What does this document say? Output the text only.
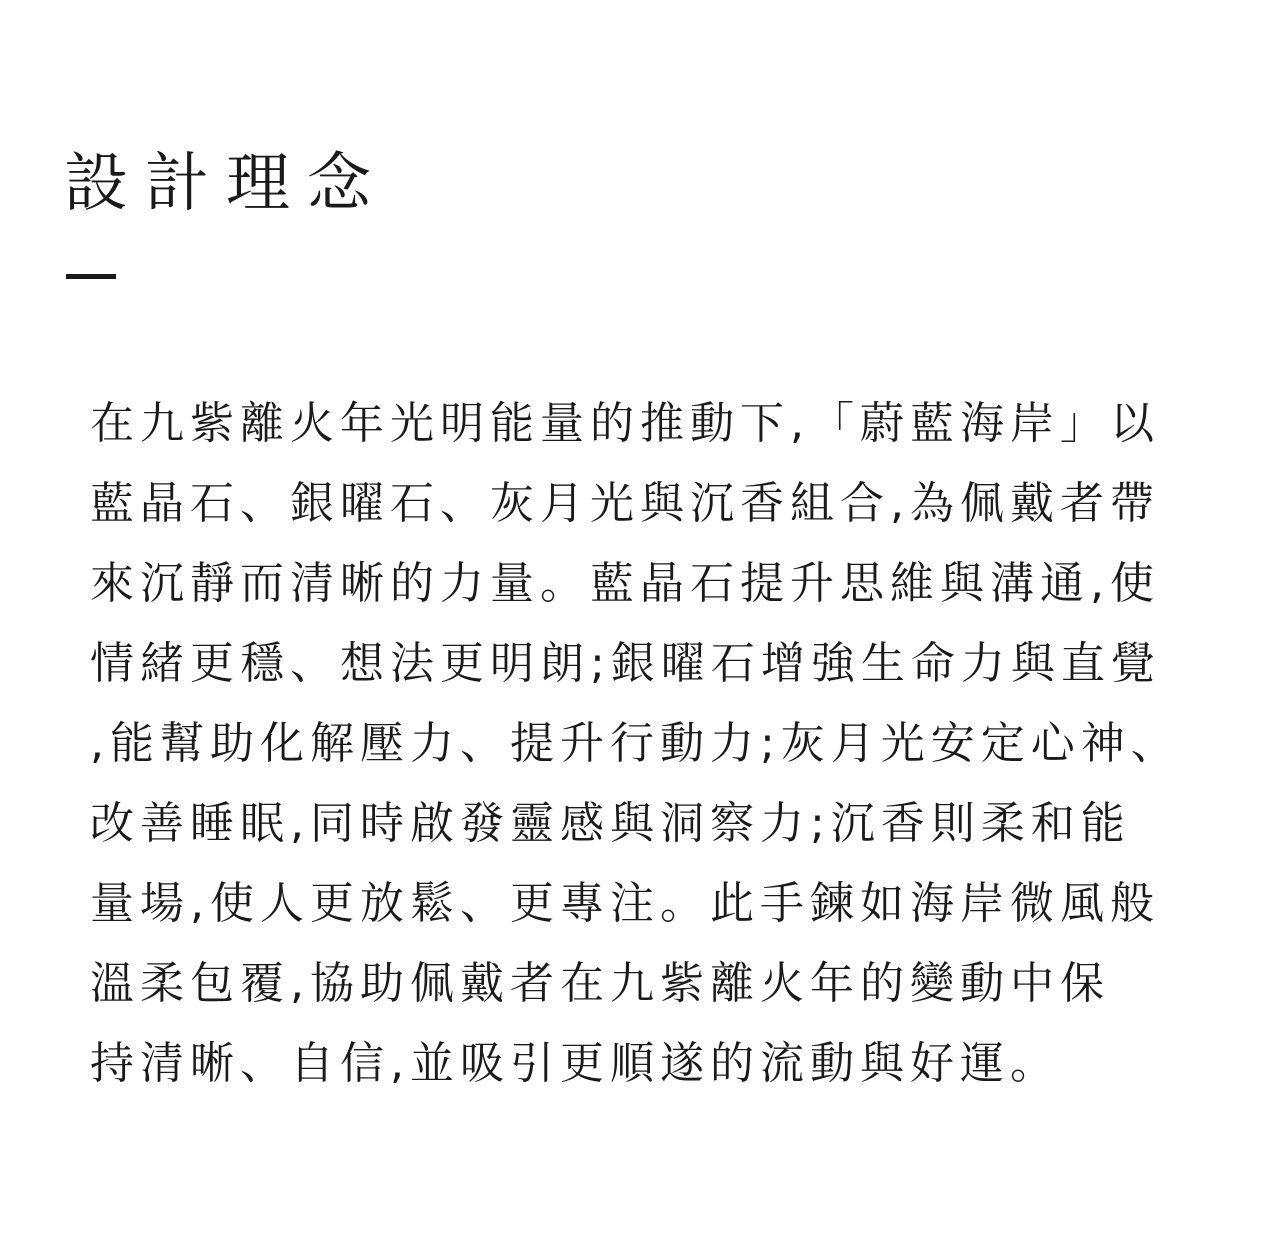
設計理念
在九紫離火年光明能量的推動下,「蔚藍海岸」以
藍晶石、銀曜石、灰月光與沉香組合,為佩戴者帶
來沉靜而清晰的力量。藍晶石提升思維與溝通,使
情緒更穩、想法更明朗;銀曜石增強生命力與直覺
,能幫助化解壓力、提升行動力;灰月光安定心神、
改善睡眠,同時啟發靈感與洞察力;沉香則柔和能
量場,使人更放鬆、更專注。此手鍊如海岸微風般
溫柔包覆,協助佩戴者在九紫離火年的變動中保
持清晰、自信,並吸引更順遂的流動與好運。
